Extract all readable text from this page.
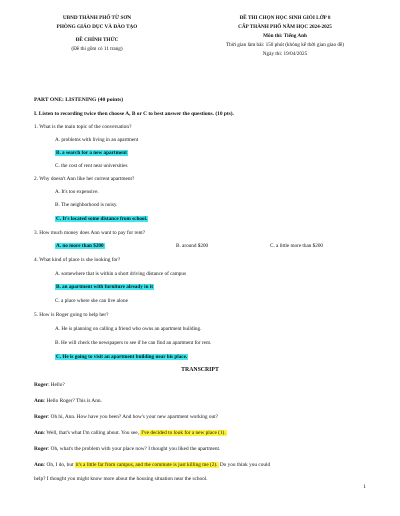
UBND THÀNH PHỐ TỪ SƠN
PHÒNG GIÁO DỤC VÀ ĐÀO TẠO
ĐỀ CHÍNH THỨC
(Đề thi gồm có 11 trang)
ĐỀ THI CHỌN HỌC SINH GIỎI LỚP 8
CẤP THÀNH PHỐ NĂM HỌC 2024-2025
Môn thi: Tiếng Anh
Thời gian làm bài: 150 phút (không kể thời gian giao đề)
Ngày thi: 19/04/2025
PART ONE: LISTENING (40 points)
I. Listen to recording twice then choose A, B or C to best answer the questions. (10 pts).
1. What is the main topic of the conversation?
A. problems with living in an apartment
B. a search for a new apartment
C. the cost of rent near universities
2. Why doesn't Ann like her current apartment?
A. It's too expensive.
B. The neighborhood is noisy.
C. It's located some distance from school.
3. How much money does Ann want to pay for rent?
A. no more than $200	B. around $200	C. a little more than $200
4. What kind of place is she looking for?
A. somewhere that is within a short driving distance of campus
B. an apartment with furniture already in it
C. a place where she can live alone
5. How is Roger going to help her?
A. He is planning on calling a friend who owns an apartment building.
B. He will check the newspapers to see if he can find an apartment for rent.
C. He is going to visit an apartment building near his place.
TRANSCRIPT
Roger: Hello?
Ann: Hello Roger? This is Ann.
Roger: Oh hi, Ann. How have you been? And how's your new apartment working out?
Ann: Well, that's what I'm calling about. You see, I've decided to look for a new place (1).
Roger: Oh, what's the problem with your place now? I thought you liked the apartment.
Ann: Oh, I do, but it's a little far from campus, and the commute is just killing me (2). Do you think you could
help? I thought you might know more about the housing situation near the school.
1
